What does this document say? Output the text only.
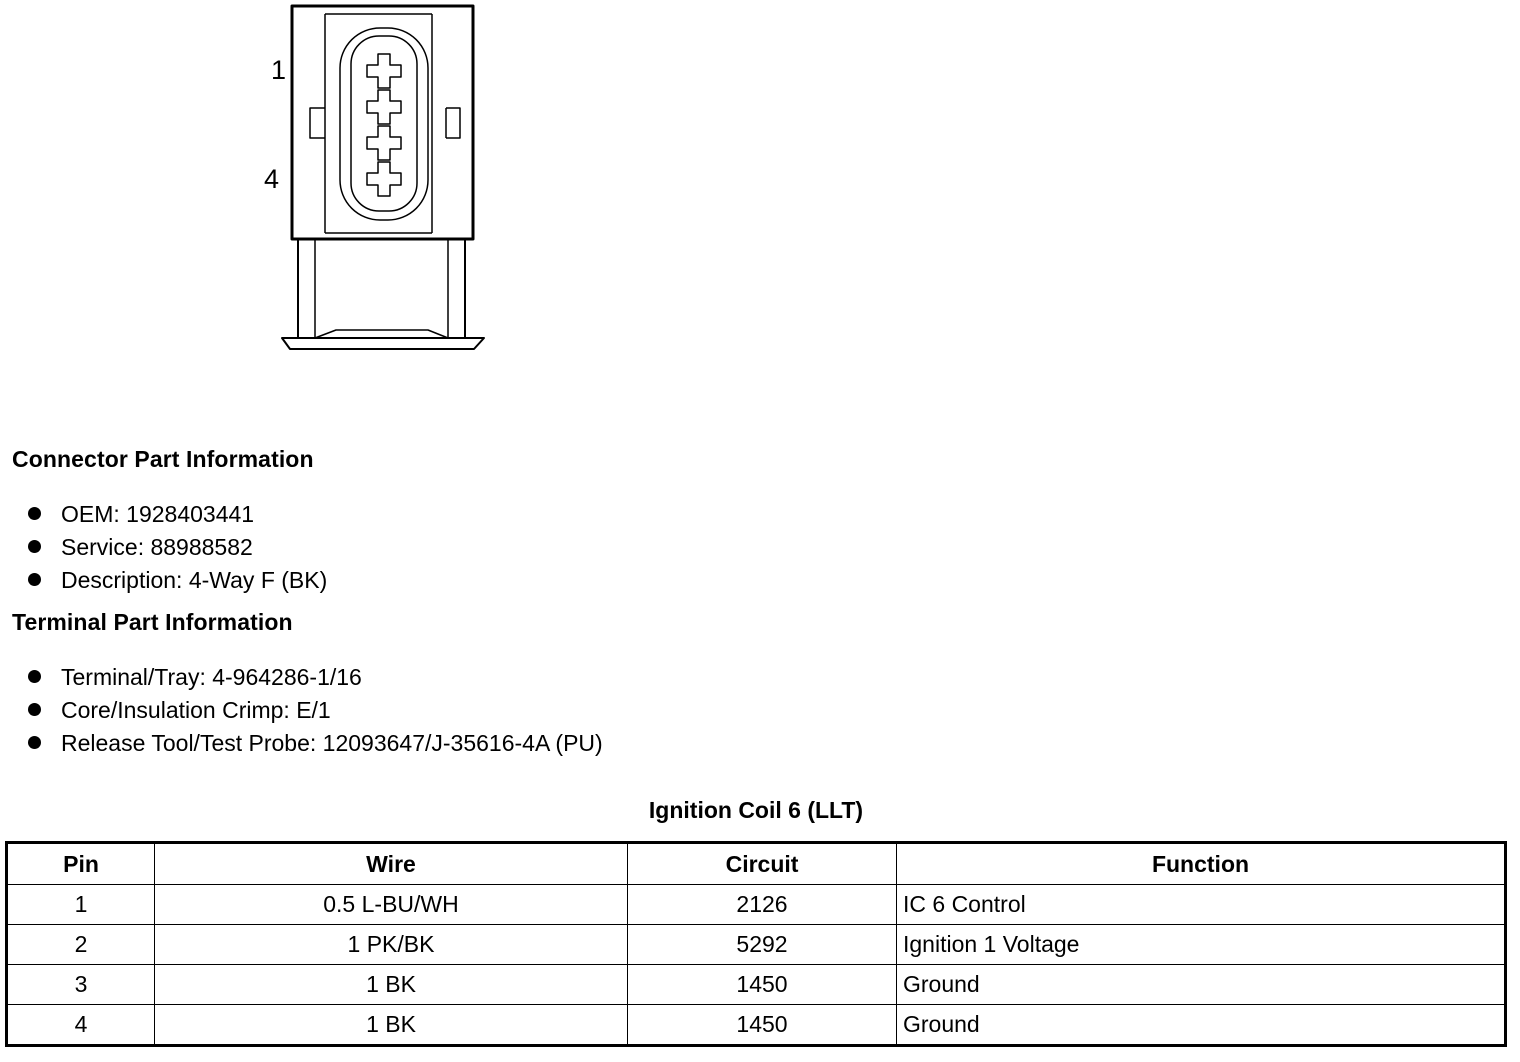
1
4
Connector Part Information
OEM: 1928403441
Service: 88988582
Description: 4-Way F (BK)
Terminal Part Information
Terminal/Tray: 4-964286-1/16
Core/Insulation Crimp: E/1
Release Tool/Test Probe: 12093647/J-35616-4A (PU)
Ignition Coil 6 (LLT)
Pin	Wire	Circuit	Function
1	0.5 L-BU/WH	2126	IC 6 Control
2	1 PK/BK	5292	Ignition 1 Voltage
3	1 BK	1450	Ground
4	1 BK	1450	Ground
